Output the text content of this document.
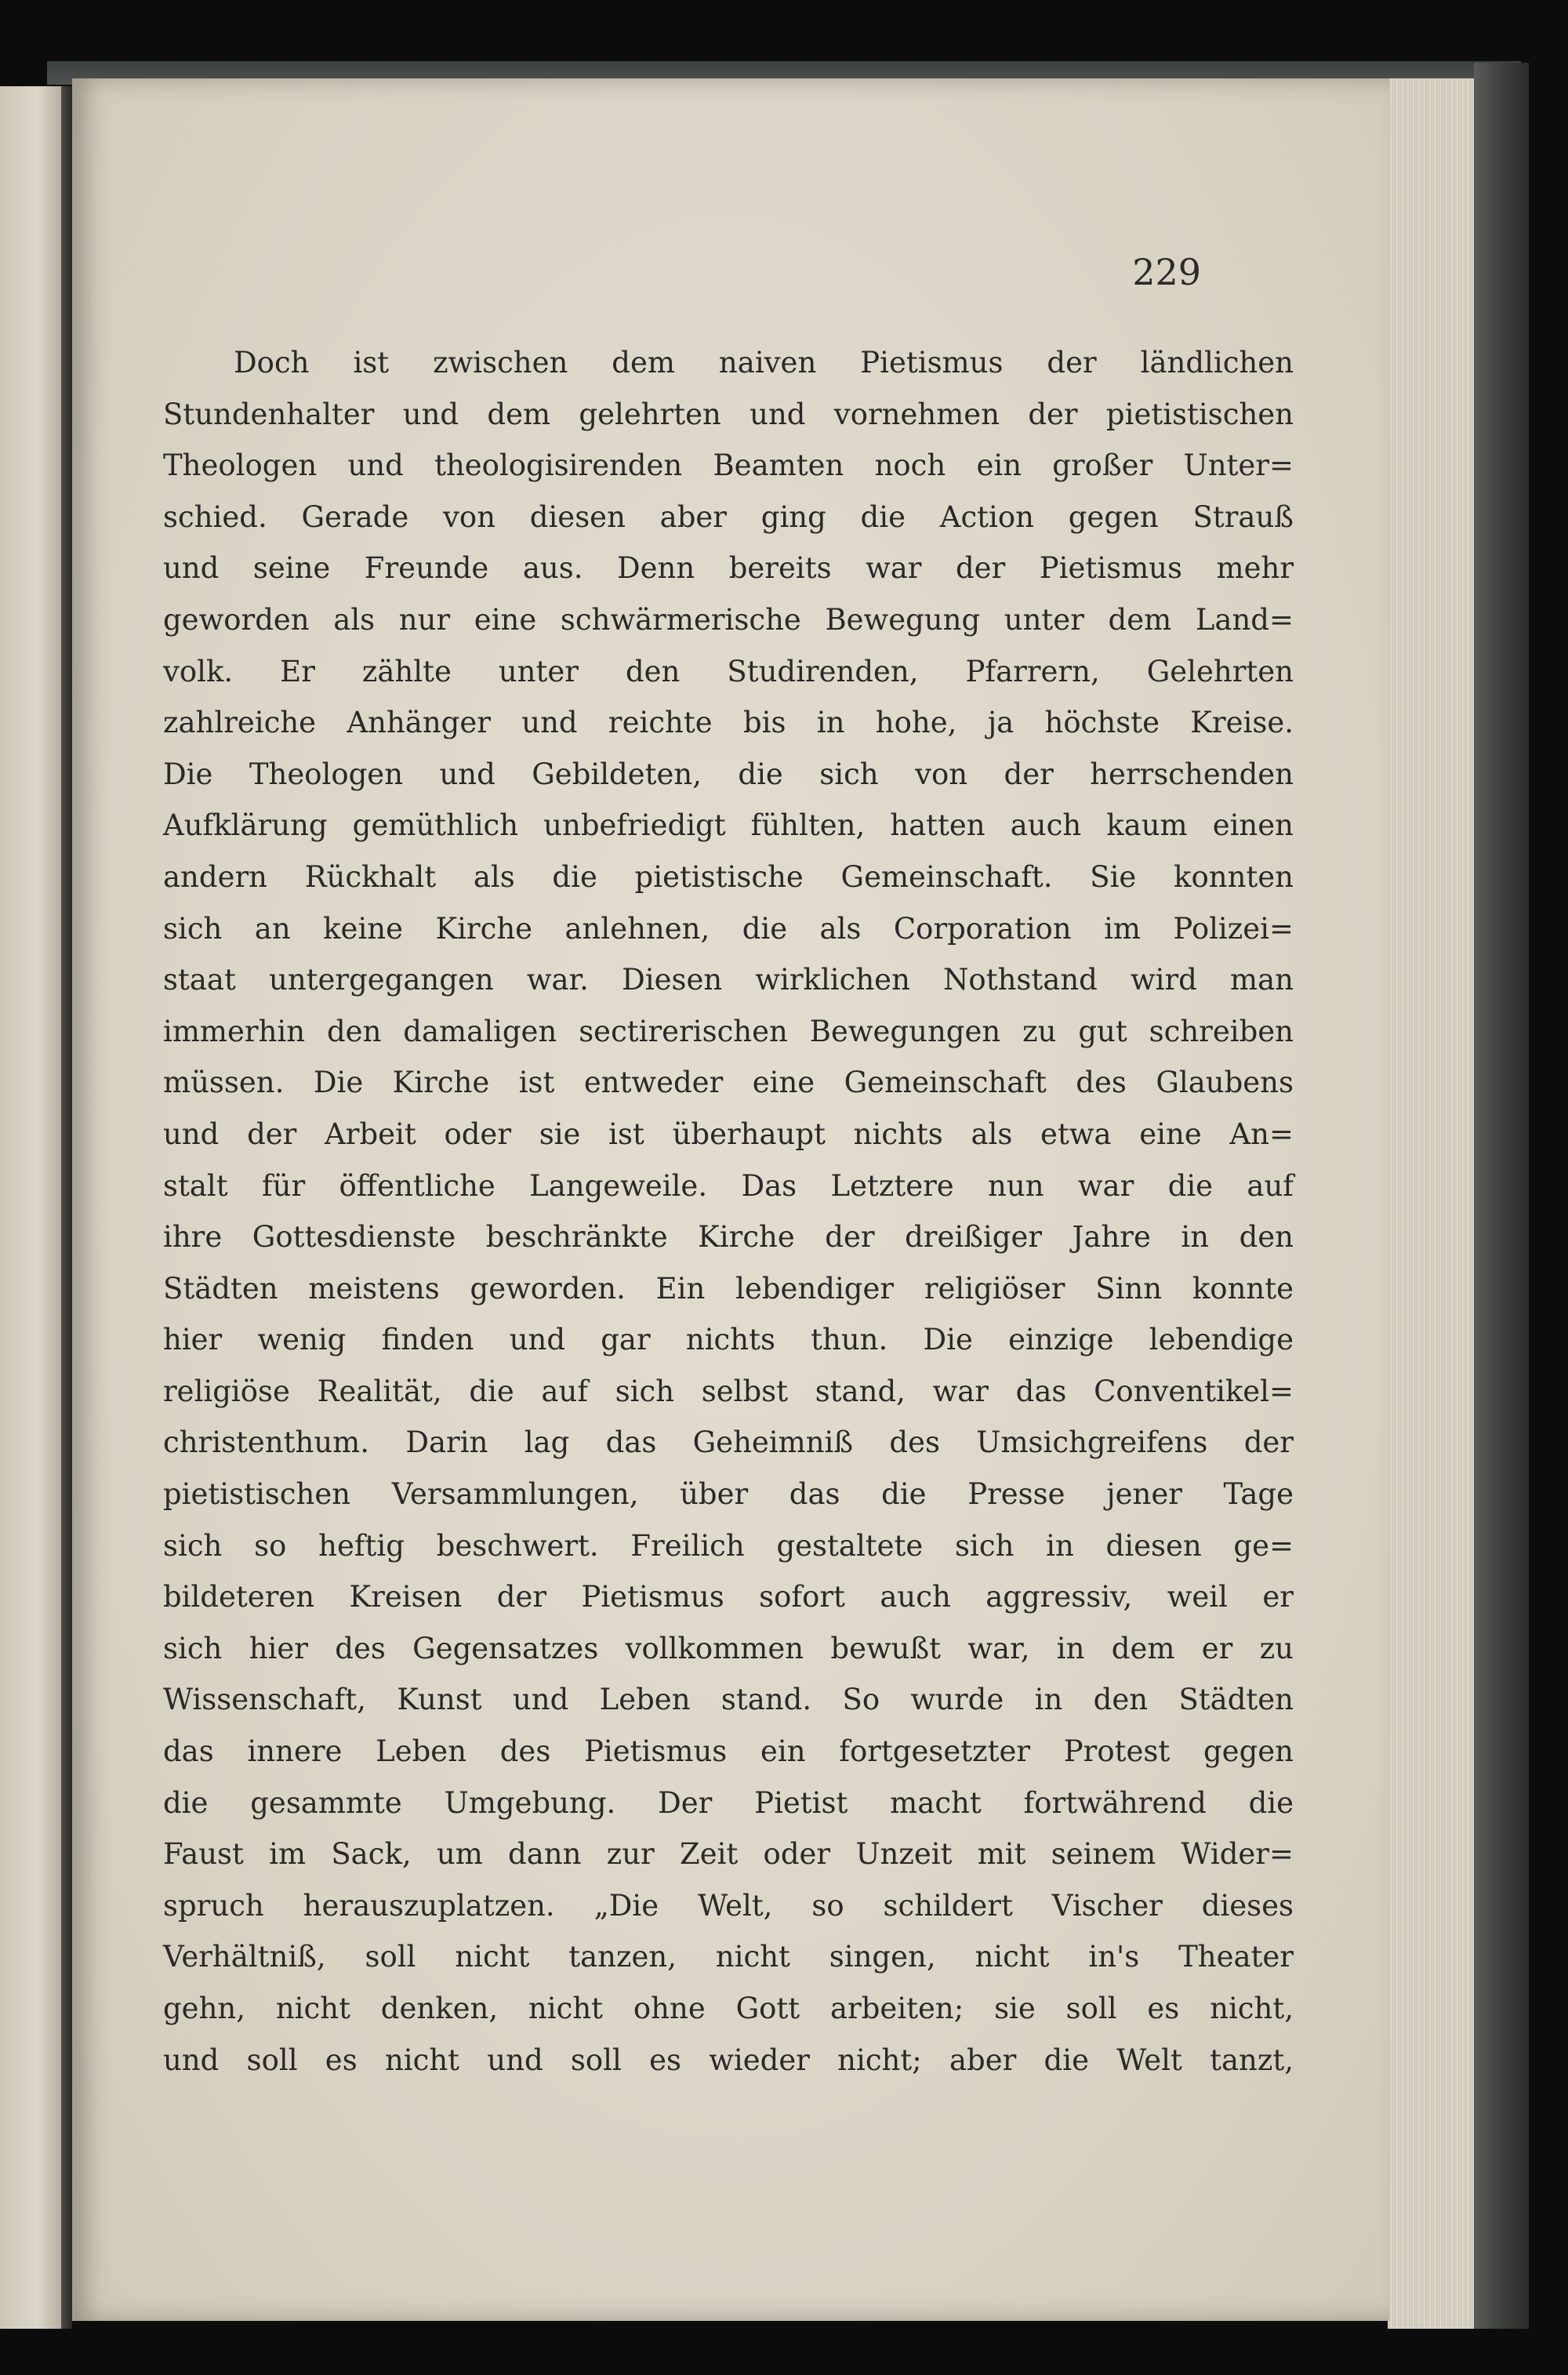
229

Doch ist zwischen dem naiven Pietismus der ländlichen
Stundenhalter und dem gelehrten und vornehmen der pietistischen
Theologen und theologisirenden Beamten noch ein großer Unter=
schied. Gerade von diesen aber ging die Action gegen Strauß
und seine Freunde aus. Denn bereits war der Pietismus mehr
geworden als nur eine schwärmerische Bewegung unter dem Land=
volk. Er zählte unter den Studirenden, Pfarrern, Gelehrten
zahlreiche Anhänger und reichte bis in hohe, ja höchste Kreise.
Die Theologen und Gebildeten, die sich von der herrschenden
Aufklärung gemüthlich unbefriedigt fühlten, hatten auch kaum einen
andern Rückhalt als die pietistische Gemeinschaft. Sie konnten
sich an keine Kirche anlehnen, die als Corporation im Polizei=
staat untergegangen war. Diesen wirklichen Nothstand wird man
immerhin den damaligen sectirerischen Bewegungen zu gut schreiben
müssen. Die Kirche ist entweder eine Gemeinschaft des Glaubens
und der Arbeit oder sie ist überhaupt nichts als etwa eine An=
stalt für öffentliche Langeweile. Das Letztere nun war die auf
ihre Gottesdienste beschränkte Kirche der dreißiger Jahre in den
Städten meistens geworden. Ein lebendiger religiöser Sinn konnte
hier wenig finden und gar nichts thun. Die einzige lebendige
religiöse Realität, die auf sich selbst stand, war das Conventikel=
christenthum. Darin lag das Geheimniß des Umsichgreifens der
pietistischen Versammlungen, über das die Presse jener Tage
sich so heftig beschwert. Freilich gestaltete sich in diesen ge=
bildeteren Kreisen der Pietismus sofort auch aggressiv, weil er
sich hier des Gegensatzes vollkommen bewußt war, in dem er zu
Wissenschaft, Kunst und Leben stand. So wurde in den Städten
das innere Leben des Pietismus ein fortgesetzter Protest gegen
die gesammte Umgebung. Der Pietist macht fortwährend die
Faust im Sack, um dann zur Zeit oder Unzeit mit seinem Wider=
spruch herauszuplatzen. „Die Welt, so schildert Vischer dieses
Verhältniß, soll nicht tanzen, nicht singen, nicht in's Theater
gehn, nicht denken, nicht ohne Gott arbeiten; sie soll es nicht,
und soll es nicht und soll es wieder nicht; aber die Welt tanzt,
